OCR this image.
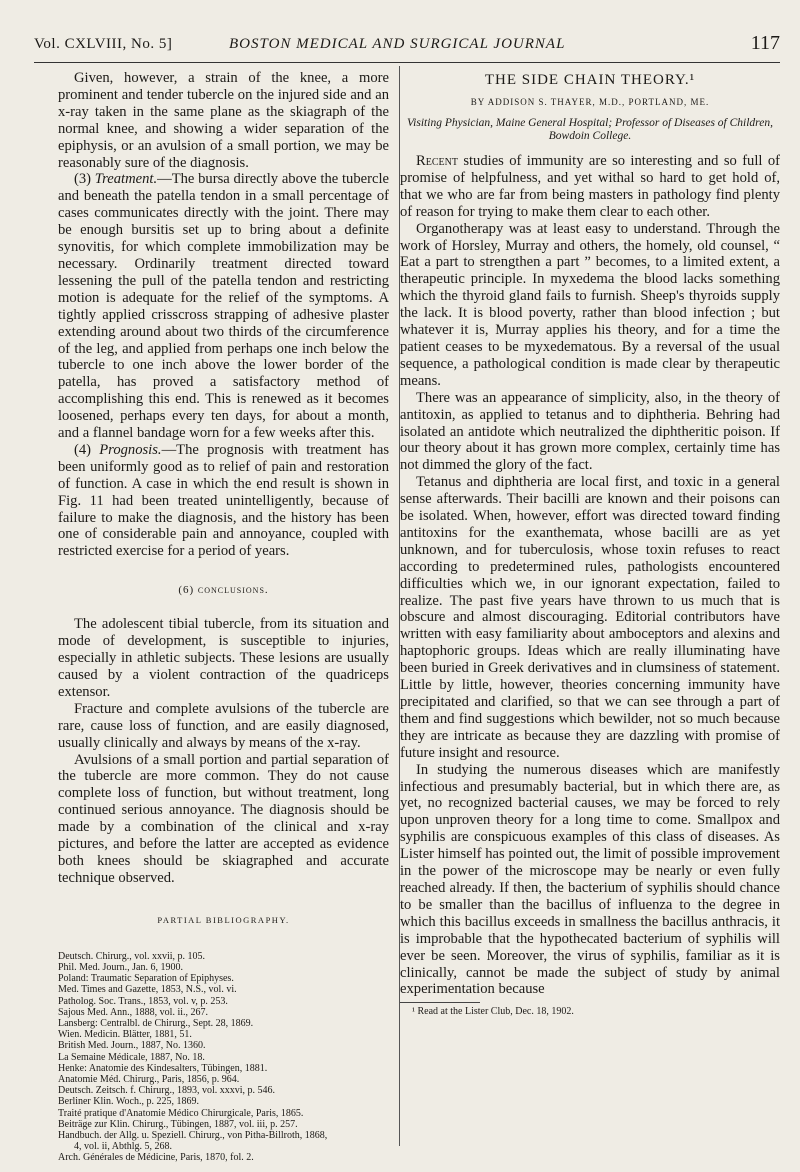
Vol. CXLVIII, No. 5]	BOSTON MEDICAL AND SURGICAL JOURNAL	117

Given, however, a strain of the knee, a more prominent and tender tubercle on the injured side and an x-ray taken in the same plane as the skiagraph of the normal knee, and showing a wider separation of the epiphysis, or an avulsion of a small portion, we may be reasonably sure of the diagnosis.

(3) Treatment.—The bursa directly above the tubercle and beneath the patella tendon in a small percentage of cases communicates directly with the joint. There may be enough bursitis set up to bring about a definite synovitis, for which complete immobilization may be necessary. Ordinarily treatment directed toward lessening the pull of the patella tendon and restricting motion is adequate for the relief of the symptoms. A tightly applied crisscross strapping of adhesive plaster extending around about two thirds of the circumference of the leg, and applied from perhaps one inch below the tubercle to one inch above the lower border of the patella, has proved a satisfactory method of accomplishing this end. This is renewed as it becomes loosened, perhaps every ten days, for about a month, and a flannel bandage worn for a few weeks after this.

(4) Prognosis.—The prognosis with treatment has been uniformly good as to relief of pain and restoration of function. A case in which the end result is shown in Fig. 11 had been treated unintelligently, because of failure to make the diagnosis, and the history has been one of considerable pain and annoyance, coupled with restricted exercise for a period of years.

(6) conclusions.

The adolescent tibial tubercle, from its situation and mode of development, is susceptible to injuries, especially in athletic subjects. These lesions are usually caused by a violent contraction of the quadriceps extensor.

Fracture and complete avulsions of the tubercle are rare, cause loss of function, and are easily diagnosed, usually clinically and always by means of the x-ray.

Avulsions of a small portion and partial separation of the tubercle are more common. They do not cause complete loss of function, but without treatment, long continued serious annoyance. The diagnosis should be made by a combination of the clinical and x-ray pictures, and before the latter are accepted as evidence both knees should be skiagraphed and accurate technique observed.

PARTIAL BIBLIOGRAPHY.
Deutsch. Chirurg., vol. xxvii, p. 105.
Phil. Med. Journ., Jan. 6, 1900.
Poland: Traumatic Separation of Epiphyses.
Med. Times and Gazette, 1853, N.S., vol. vi.
Patholog. Soc. Trans., 1853, vol. v, p. 253.
Sajous Med. Ann., 1888, vol. ii., 267.
Lansberg: Centralbl. de Chirurg., Sept. 28, 1869.
Wien. Medicin. Blätter, 1881, 51.
British Med. Journ., 1887, No. 1360.
La Semaine Médicale, 1887, No. 18.
Henke: Anatomie des Kindesalters, Tübingen, 1881.
Anatomie Méd. Chirurg., Paris, 1856, p. 964.
Deutsch. Zeitsch. f. Chirurg., 1893, vol. xxxvi, p. 546.
Berliner Klin. Woch., p. 225, 1869.
Traité pratique d'Anatomie Médico Chirurgicale, Paris, 1865.
Beiträge zur Klin. Chirurg., Tübingen, 1887, vol. iii, p. 257.
Handbuch. der Allg. u. Speziell. Chirurg., von Pitha-Billroth, 1868,
4, vol. ii, Abthlg. 5, 268.
Arch. Générales de Médicine, Paris, 1870, fol. 2.
THE SIDE CHAIN THEORY.¹
BY ADDISON S. THAYER, M.D., PORTLAND, ME.
Visiting Physician, Maine General Hospital; Professor of Diseases of Children, Bowdoin College.

Recent studies of immunity are so interesting and so full of promise of helpfulness, and yet withal so hard to get hold of, that we who are far from being masters in pathology find plenty of reason for trying to make them clear to each other.

Organotherapy was at least easy to understand. Through the work of Horsley, Murray and others, the homely, old counsel, “ Eat a part to strengthen a part ” becomes, to a limited extent, a therapeutic principle. In myxedema the blood lacks something which the thyroid gland fails to furnish. Sheep's thyroids supply the lack. It is blood poverty, rather than blood infection ; but whatever it is, Murray applies his theory, and for a time the patient ceases to be myxedematous. By a reversal of the usual sequence, a pathological condition is made clear by therapeutic means.

There was an appearance of simplicity, also, in the theory of antitoxin, as applied to tetanus and to diphtheria. Behring had isolated an antidote which neutralized the diphtheritic poison. If our theory about it has grown more complex, certainly time has not dimmed the glory of the fact.

Tetanus and diphtheria are local first, and toxic in a general sense afterwards. Their bacilli are known and their poisons can be isolated. When, however, effort was directed toward finding antitoxins for the exanthemata, whose bacilli are as yet unknown, and for tuberculosis, whose toxin refuses to react according to predetermined rules, pathologists encountered difficulties which we, in our ignorant expectation, failed to realize. The past five years have thrown to us much that is obscure and almost discouraging. Editorial contributors have written with easy familiarity about amboceptors and alexins and haptophoric groups. Ideas which are really illuminating have been buried in Greek derivatives and in clumsiness of statement. Little by little, however, theories concerning immunity have precipitated and clarified, so that we can see through a part of them and find suggestions which bewilder, not so much because they are intricate as because they are dazzling with promise of future insight and resource.

In studying the numerous diseases which are manifestly infectious and presumably bacterial, but in which there are, as yet, no recognized bacterial causes, we may be forced to rely upon unproven theory for a long time to come. Smallpox and syphilis are conspicuous examples of this class of diseases. As Lister himself has pointed out, the limit of possible improvement in the power of the microscope may be nearly or even fully reached already. If then, the bacterium of syphilis should chance to be smaller than the bacillus of influenza to the degree in which this bacillus exceeds in smallness the bacillus anthracis, it is improbable that the hypothecated bacterium of syphilis will ever be seen. Moreover, the virus of syphilis, familiar as it is clinically, cannot be made the subject of study by animal experimentation because

¹ Read at the Lister Club, Dec. 18, 1902.
